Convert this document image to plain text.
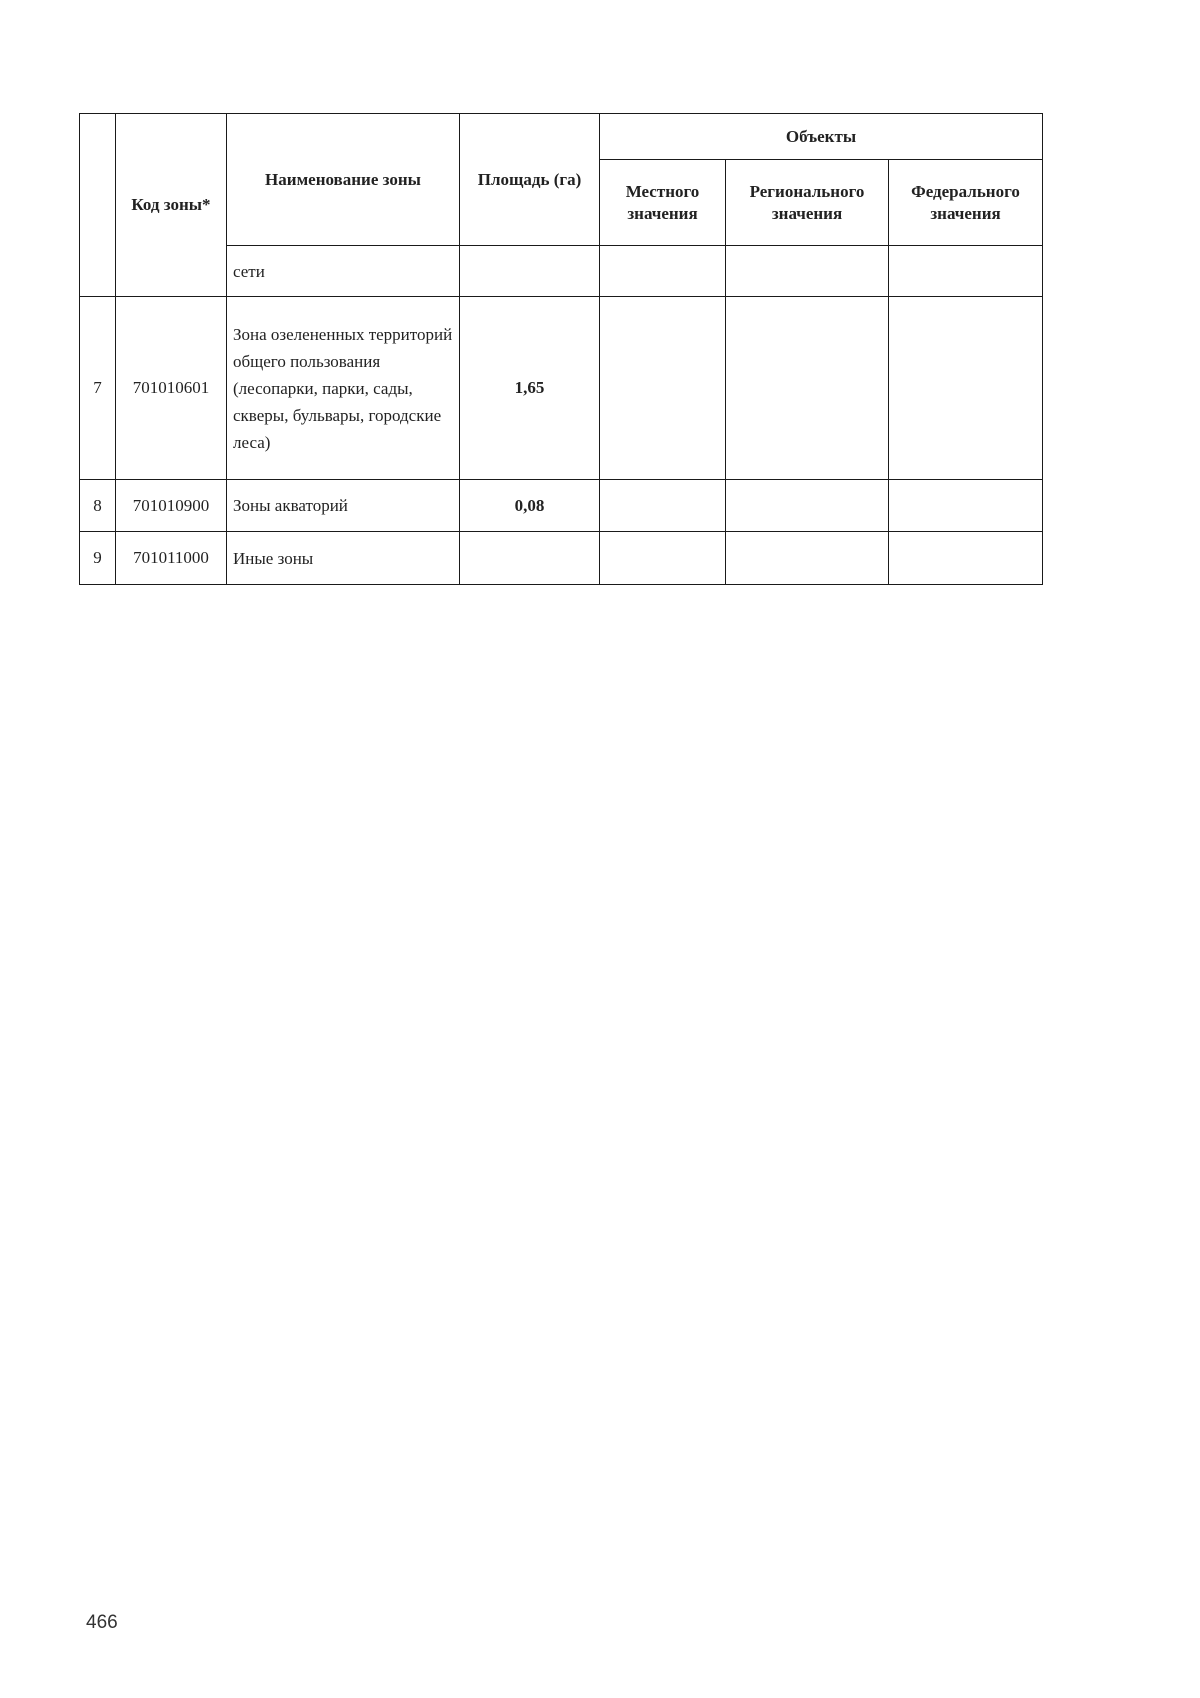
	Код зоны*	Наименование зоны	Площадь (га)	Объекты		
				Местного значения	Регионального значения	Федерального значения
		сети				
7	701010601	Зона озелененных территорий общего пользования (лесопарки, парки, сады, скверы, бульвары, городские леса)	1,65			
8	701010900	Зоны акваторий	0,08			
9	701011000	Иные зоны				
466
